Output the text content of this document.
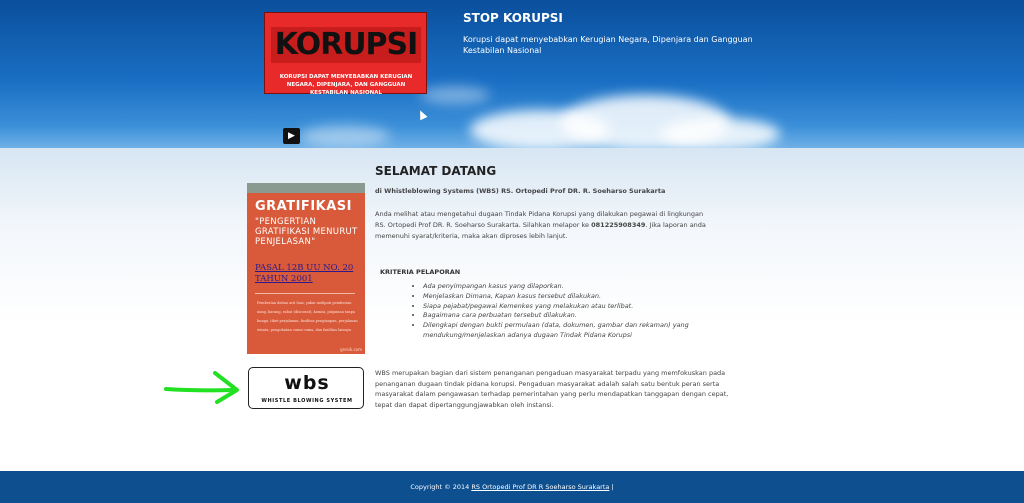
KORUPSI
KORUPSI DAPAT MENYEBABKAN KERUGIAN NEGARA, DIPENJARA, DAN GANGGUAN KESTABILAN NASIONAL
STOP KORUPSI
Korupsi dapat menyebabkan Kerugian Negara, Dipenjara dan Gangguan Kestabilan Nasional
▶
GRATIFIKASI
"PENGERTIAN GRATIFIKASI MENURUT PENJELASAN"
PASAL 12B UU NO. 20 TAHUN 2001
Pemberian dalam arti luas, yakni meliputi pemberian uang, barang, rabat (discount), komisi, pinjaman tanpa bunga, tiket perjalanan, fasilitas penginapan, perjalanan wisata, pengobatan cuma-cuma, dan fasilitas lainnya
gresik.com
wbs
WHISTLE BLOWING SYSTEM
SELAMAT DATANG
di Whistleblowing Systems (WBS) RS. Ortopedi Prof DR. R. Soeharso Surakarta
Anda melihat atau mengetahui dugaan Tindak Pidana Korupsi yang dilakukan pegawai di lingkungan RS. Ortopedi Prof DR. R. Soeharso Surakarta. Silahkan melapor ke 081225908349. Jika laporan anda memenuhi syarat/kriteria, maka akan diproses lebih lanjut.
KRITERIA PELAPORAN
• Ada penyimpangan kasus yang dilaporkan.
• Menjelaskan Dimana, Kapan kasus tersebut dilakukan.
• Siapa pejabat/pegawai Kemenkes yang melakukan atau terlibat.
• Bagaimana cara perbuatan tersebut dilakukan.
• Dilengkapi dengan bukti permulaan (data, dokumen, gambar dan rekaman) yang mendukung/menjelaskan adanya dugaan Tindak Pidana Korupsi
WBS merupakan bagian dari sistem penanganan pengaduan masyarakat terpadu yang memfokuskan pada penanganan dugaan tindak pidana korupsi. Pengaduan masyarakat adalah salah satu bentuk peran serta masyarakat dalam pengawasan terhadap pemerintahan yang perlu mendapatkan tanggapan dengan cepat, tepat dan dapat dipertanggungjawabkan oleh instansi.
Copyright © 2014 RS Ortopedi Prof DR R Soeharso Surakarta |
